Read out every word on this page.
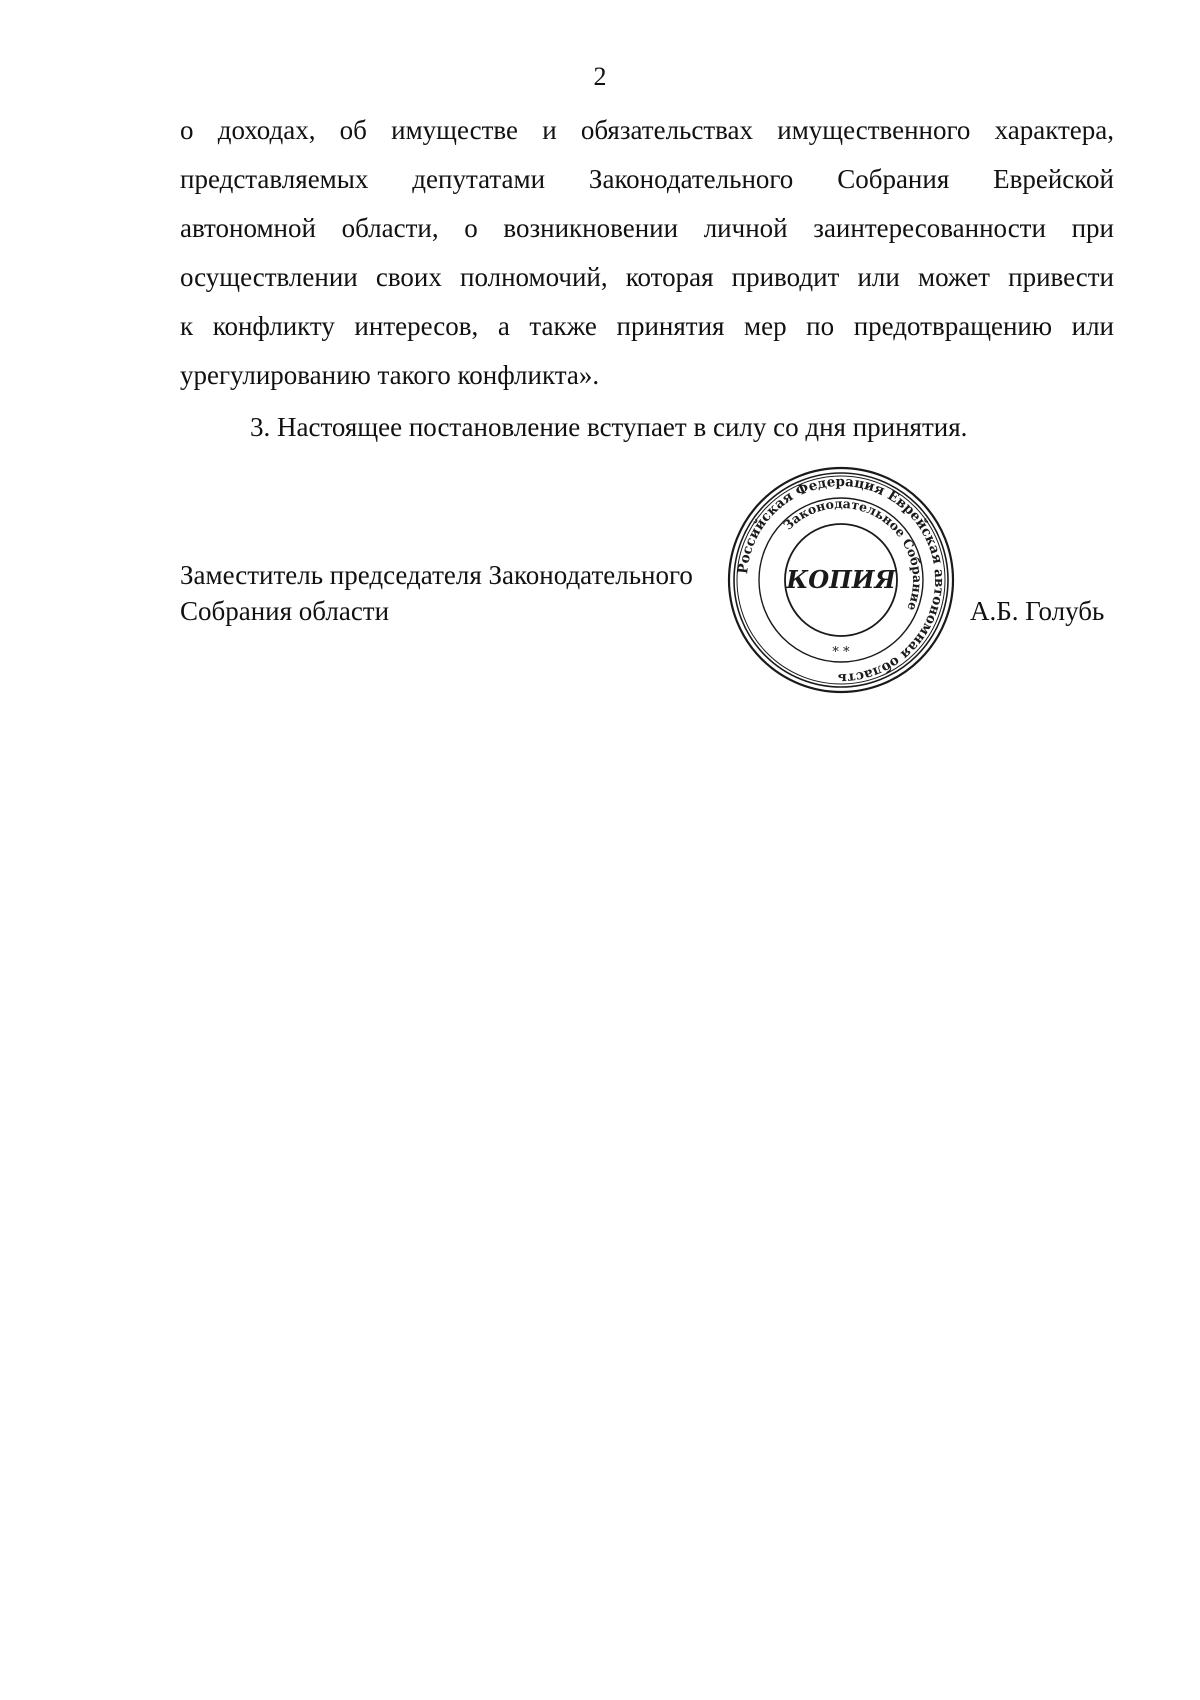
2
о доходах, об имуществе и обязательствах имущественного характера,
представляемых депутатами Законодательного Собрания Еврейской
автономной области, о возникновении личной заинтересованности при
осуществлении своих полномочий, которая приводит или может привести
к конфликту интересов, а также принятия мер по предотвращению или
урегулированию такого конфликта».

3. Настоящее постановление вступает в силу со дня принятия.

Заместитель председателя Законодательного
Собрания области
Российская Федерация Еврейская автономная область
Законодательное Собрание
КОПИЯ
* *
А.Б. Голубь
